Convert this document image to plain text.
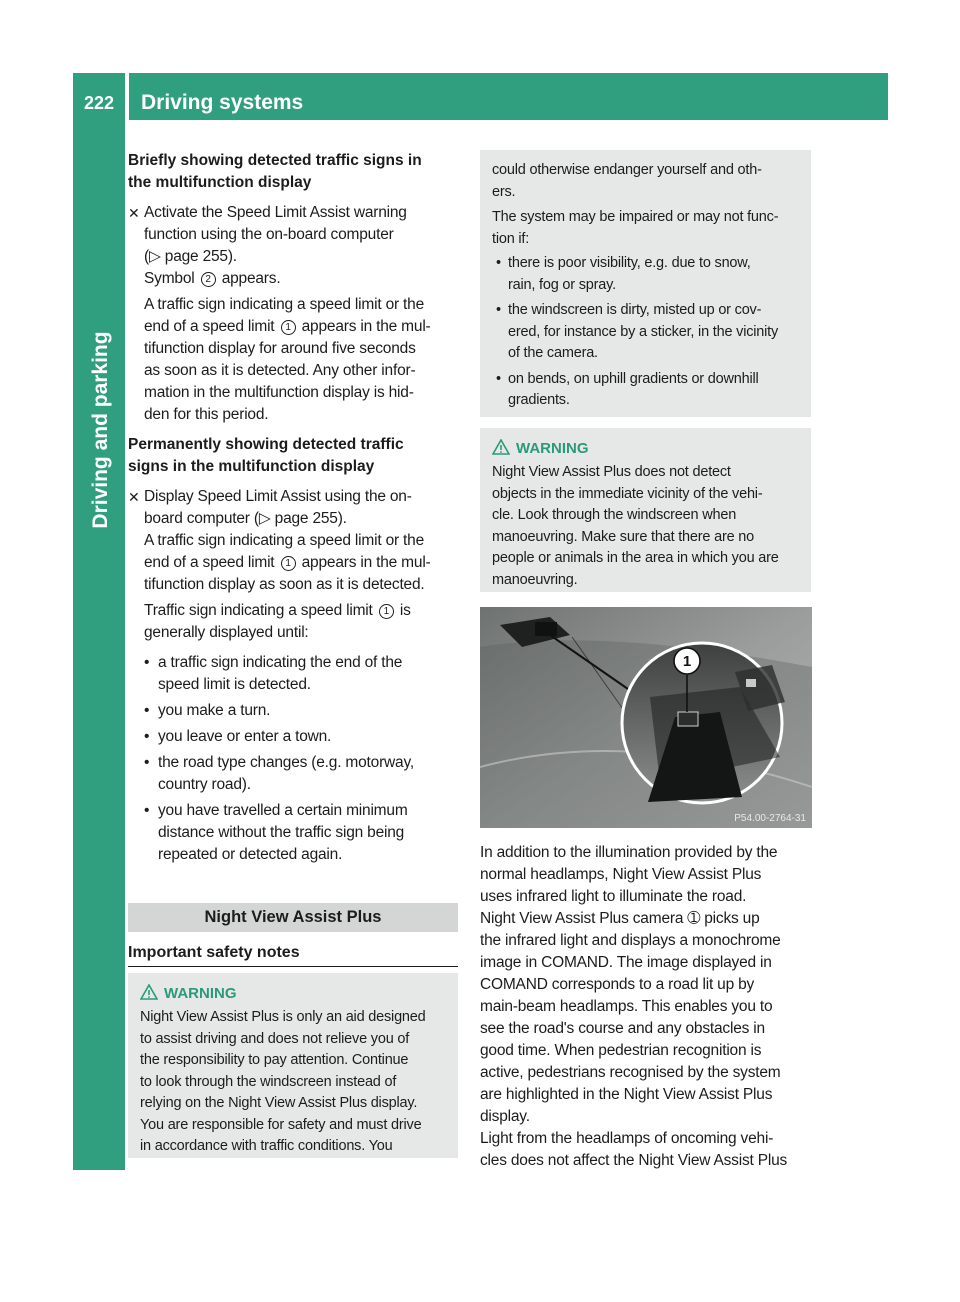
222	Driving systems
Driving and parking
Briefly showing detected traffic signs in
the multifunction display
✕ Activate the Speed Limit Assist warning
function using the on-board computer
(▷ page 255).
Symbol 2 appears.
A traffic sign indicating a speed limit or the
end of a speed limit 1 appears in the mul-
tifunction display for around five seconds
as soon as it is detected. Any other infor-
mation in the multifunction display is hid-
den for this period.
Permanently showing detected traffic
signs in the multifunction display
✕ Display Speed Limit Assist using the on-
board computer (▷ page 255).
A traffic sign indicating a speed limit or the
end of a speed limit 1 appears in the mul-
tifunction display as soon as it is detected.
Traffic sign indicating a speed limit 1 is
generally displayed until:
• a traffic sign indicating the end of the
speed limit is detected.
• you make a turn.
• you leave or enter a town.
• the road type changes (e.g. motorway,
country road).
• you have travelled a certain minimum
distance without the traffic sign being
repeated or detected again.
Night View Assist Plus
Important safety notes
WARNING
Night View Assist Plus is only an aid designed
to assist driving and does not relieve you of
the responsibility to pay attention. Continue
to look through the windscreen instead of
relying on the Night View Assist Plus display.
You are responsible for safety and must drive
in accordance with traffic conditions. You
could otherwise endanger yourself and oth-
ers.
The system may be impaired or may not func-
tion if:
• there is poor visibility, e.g. due to snow,
rain, fog or spray.
• the windscreen is dirty, misted up or cov-
ered, for instance by a sticker, in the vicinity
of the camera.
• on bends, on uphill gradients or downhill
gradients.
WARNING
Night View Assist Plus does not detect
objects in the immediate vicinity of the vehi-
cle. Look through the windscreen when
manoeuvring. Make sure that there are no
people or animals in the area in which you are
manoeuvring.
1
P54.00-2764-31
In addition to the illumination provided by the
normal headlamps, Night View Assist Plus
uses infrared light to illuminate the road.
Night View Assist Plus camera ➀ picks up
the infrared light and displays a monochrome
image in COMAND. The image displayed in
COMAND corresponds to a road lit up by
main-beam headlamps. This enables you to
see the road's course and any obstacles in
good time. When pedestrian recognition is
active, pedestrians recognised by the system
are highlighted in the Night View Assist Plus
display.
Light from the headlamps of oncoming vehi-
cles does not affect the Night View Assist Plus
